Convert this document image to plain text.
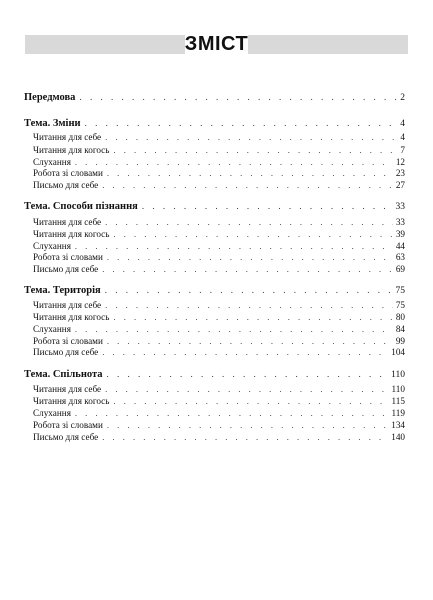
ЗМІСТ
Передмова . . .	2
Тема. Зміни . . .	4
Читання для себе . . .	4
Читання для когось . . .	7
Слухання . . .	12
Робота зі словами . . .	23
Письмо для себе . . .	27
Тема. Способи пізнання . . .	33
Читання для себе . . .	33
Читання для когось . . .	39
Слухання . . .	44
Робота зі словами . . .	63
Письмо для себе . . .	69
Тема. Територія . . .	75
Читання для себе . . .	75
Читання для когось . . .	80
Слухання . . .	84
Робота зі словами . . .	99
Письмо для себе . . .	104
Тема. Спільнота . . .	110
Читання для себе . . .	110
Читання для когось . . .	115
Слухання . . .	119
Робота зі словами . . .	134
Письмо для себе . . .	140
